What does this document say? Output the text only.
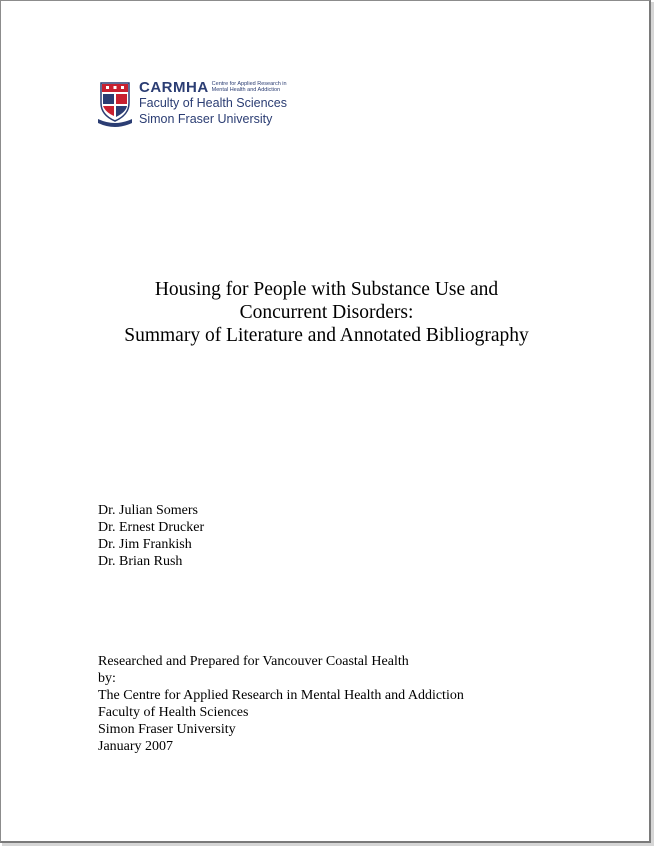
CARMHA Centre for Applied Research in
Mental Health and Addiction
Faculty of Health Sciences
Simon Fraser University
Housing for People with Substance Use and
Concurrent Disorders:
Summary of Literature and Annotated Bibliography
Dr. Julian Somers
Dr. Ernest Drucker
Dr. Jim Frankish
Dr. Brian Rush
Researched and Prepared for Vancouver Coastal Health
by:
The Centre for Applied Research in Mental Health and Addiction
Faculty of Health Sciences
Simon Fraser University
January 2007
